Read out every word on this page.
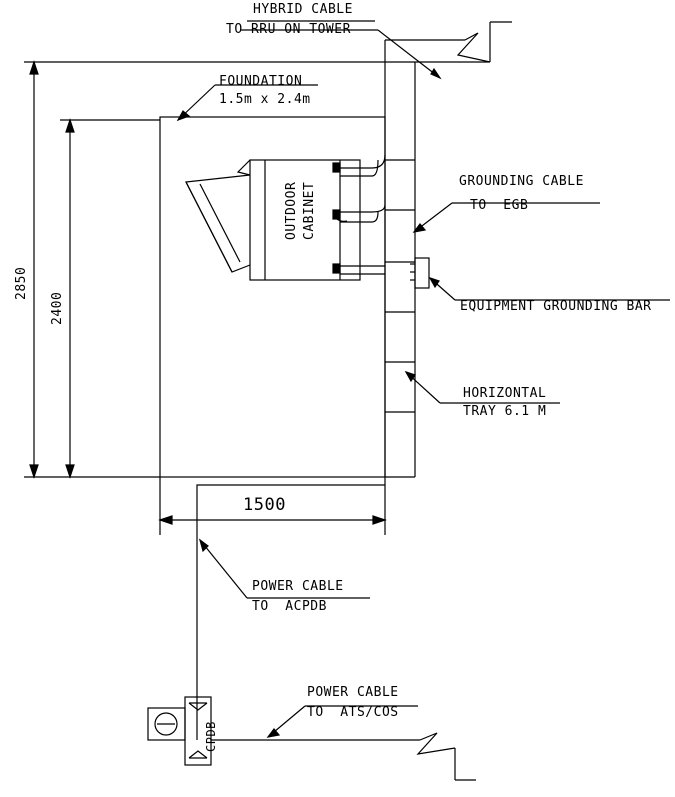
HYBRID CABLE
TO RRU ON TOWER
FOUNDATION
1.5m x 2.4m
GROUNDING CABLE
TO  EGB
EQUIPMENT GROUNDING BAR
HORIZONTAL
TRAY 6.1 M
POWER CABLE
TO  ACPDB
POWER CABLE
TO  ATS/COS
OUTDOOR CABINET
CPDB
2850
2400
1500
